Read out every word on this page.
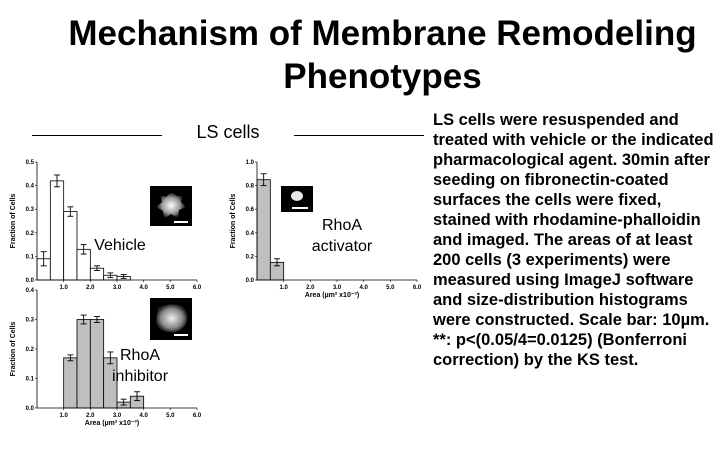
Mechanism of Membrane Remodeling
Phenotypes
LS cells
LS cells were resuspended and treated with vehicle or the indicated pharmacological agent. 30min after seeding on fibronectin-coated surfaces the cells were fixed, stained with rhodamine-phalloidin and imaged. The areas of at least 200 cells (3 experiments) were measured using ImageJ software and size-distribution histograms were constructed. Scale bar: 10µm. **: p<(0.05/4=0.0125) (Bonferroni correction) by the KS test.
0.0
0.1
0.2
0.3
0.4
0.5
1.0	2.0	3.0	4.0	5.0	6.0
Fraction of Cells	Vehicle
0.0
0.2
0.4
0.6
0.8
1.0
1.0	2.0	3.0	4.0	5.0	6.0
Fraction of Cells
Area (µm² x10⁻³)
RhoA activator
0.0
0.1
0.2
0.3
0.4
1.0	2.0	3.0	4.0	5.0	6.0
Fraction of Cells
Area (µm² x10⁻³)
RhoA inhibitor
